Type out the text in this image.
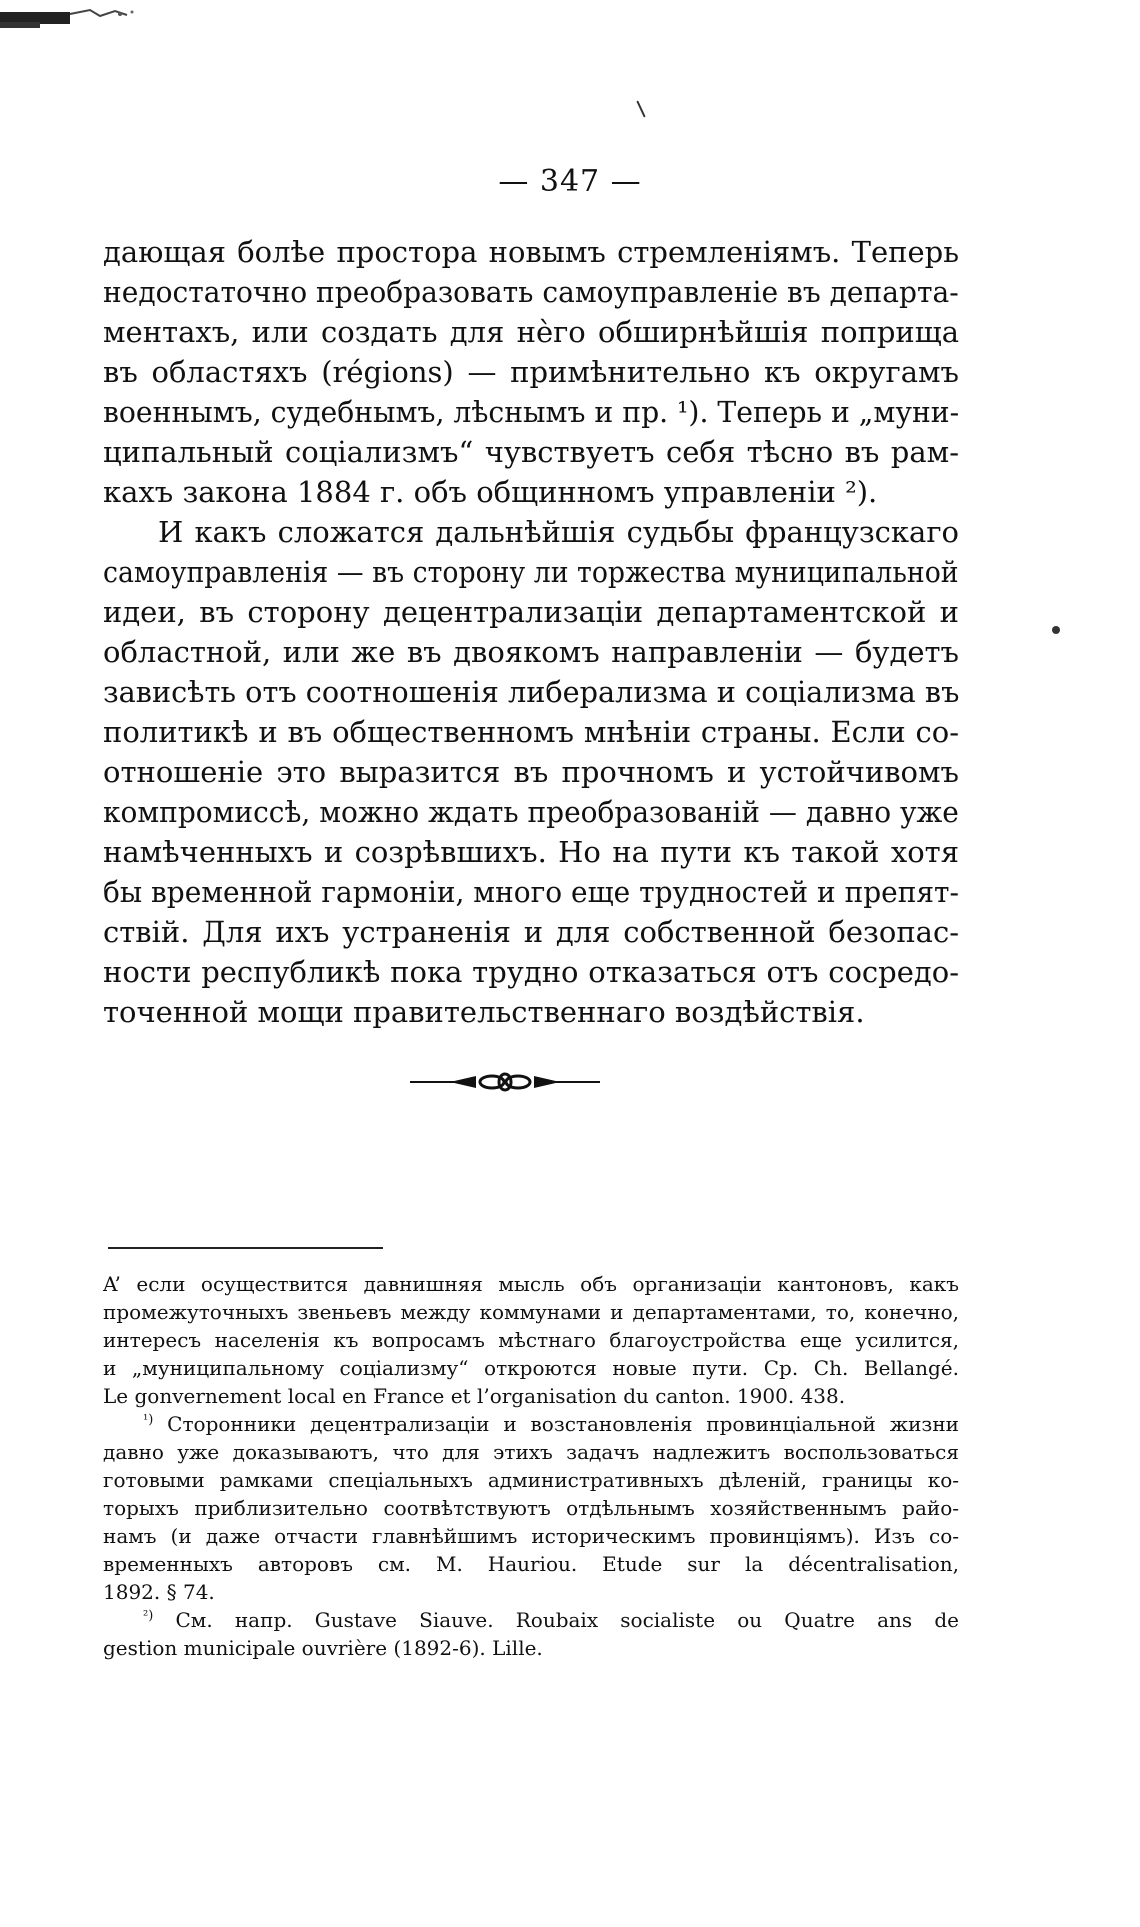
— 347 —
дающая болѣе простора новымъ стремленіямъ. Теперь
недостаточно преобразовать самоуправленіе въ департа-
ментахъ, или создать для нѐго обширнѣйшія поприща
въ областяхъ (régions) — примѣнительно къ округамъ
военнымъ, судебнымъ, лѣснымъ и пр. ¹). Теперь и „муни-
ципальный соціализмъ“ чувствуетъ себя тѣсно въ рам-
кахъ закона 1884 г. объ общинномъ управленіи ²).
И какъ сложатся дальнѣйшія судьбы французскаго
самоуправленія — въ сторону ли торжества муниципальной
идеи, въ сторону децентрализаціи департаментской и
областной, или же въ двоякомъ направленіи — будетъ
зависѣть отъ соотношенія либерализма и соціализма въ
политикѣ и въ общественномъ мнѣніи страны. Если со-
отношеніе это выразится въ прочномъ и устойчивомъ
компромиссѣ, можно ждать преобразованій — давно уже
намѣченныхъ и созрѣвшихъ. Но на пути къ такой хотя
бы временной гармоніи, много еще трудностей и препят-
ствій. Для ихъ устраненія и для собственной безопас-
ности республикѣ пока трудно отказаться отъ сосредо-
точенной мощи правительственнаго воздѣйствія.
A’ если осуществится давнишняя мысль объ организаціи кантоновъ, какъ
промежуточныхъ звеньевъ между коммунами и департаментами, то, конечно,
интересъ населенія къ вопросамъ мѣстнаго благоустройства еще усилится,
и „муниципальному соціализму“ откроются новые пути. Ср. Ch. Bellangé.
Le gonvernement local en France et l’organisation du canton. 1900. 438.
$^{^1)}$ Сторонники децентрализаціи и возстановленія провинціальной жизни
давно уже доказываютъ, что для этихъ задачъ надлежитъ воспользоваться
готовыми рамками спеціальныхъ административныхъ дѣленій, границы ко-
торыхъ приблизительно соотвѣтствуютъ отдѣльнымъ хозяйственнымъ райо-
намъ (и даже отчасти главнѣйшимъ историческимъ провинціямъ). Изъ со-
временныхъ авторовъ см. M. Hauriou. Etude sur la décentralisation,
1892. § 74.
$^{^2)}$ См. напр. Gustave Siauve. Roubaix socialiste ou Quatre ans de
gestion municipale ouvrière (1892-6). Lille.
